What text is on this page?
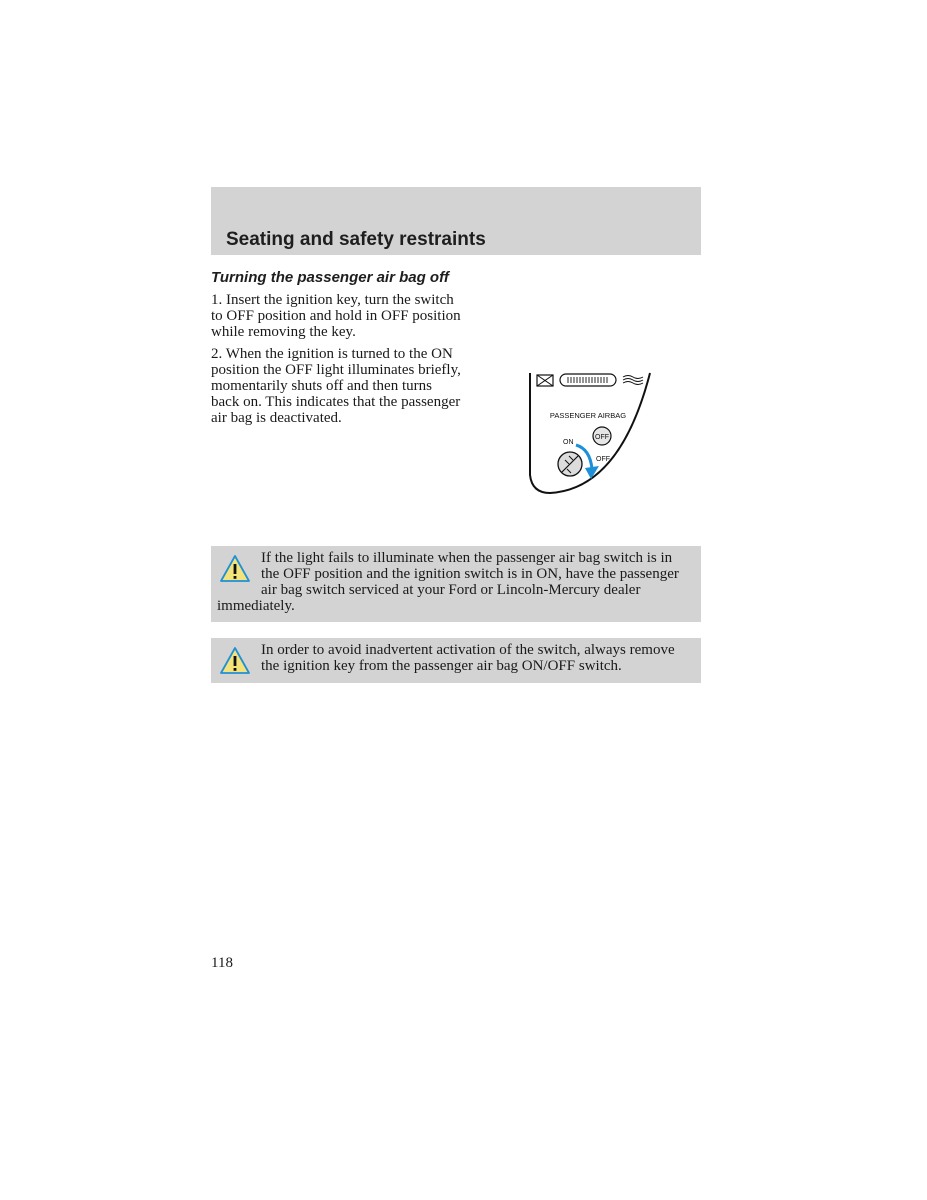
Seating and safety restraints
Turning the passenger air bag off

1. Insert the ignition key, turn the switch to OFF position and hold in OFF position while removing the key.

2. When the ignition is turned to the ON position the OFF light illuminates briefly, momentarily shuts off and then turns back on. This indicates that the passenger air bag is deactivated.	PASSENGER AIRBAG
OFF
ON
OFF

If the light fails to illuminate when the passenger air bag switch is in the OFF position and the ignition switch is in ON, have the passenger air bag switch serviced at your Ford or Lincoln-Mercury dealer immediately.

In order to avoid inadvertent activation of the switch, always remove the ignition key from the passenger air bag ON/OFF switch.

118
